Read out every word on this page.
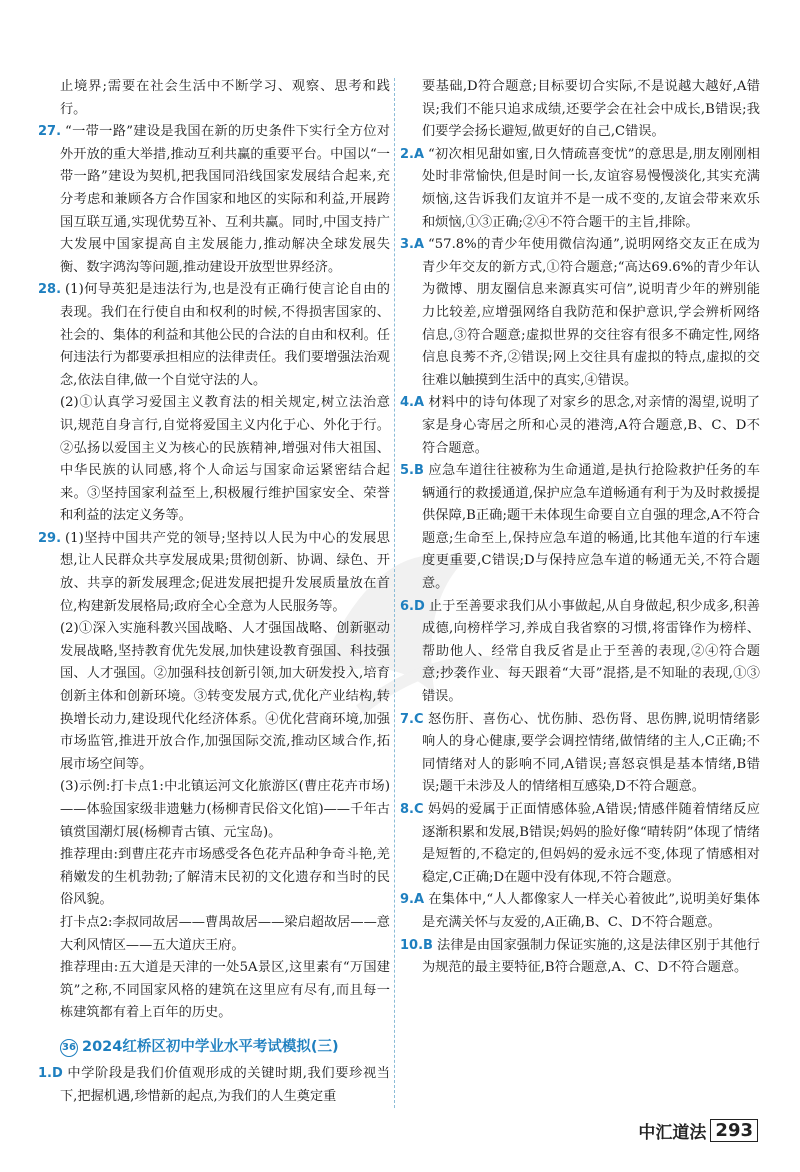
止境界;需要在社会生活中不断学习、观察、思考和践行。

27. “一带一路”建设是我国在新的历史条件下实行全方位对外开放的重大举措,推动互利共赢的重要平台。中国以“一带一路”建设为契机,把我国同沿线国家发展结合起来,充分考虑和兼顾各方合作国家和地区的实际和利益,开展跨国互联互通,实现优势互补、互利共赢。同时,中国支持广大发展中国家提高自主发展能力,推动解决全球发展失衡、数字鸿沟等问题,推动建设开放型世界经济。

28. (1)何导英犯是违法行为,也是没有正确行使言论自由的表现。我们在行使自由和权利的时候,不得损害国家的、社会的、集体的利益和其他公民的合法的自由和权利。任何违法行为都要承担相应的法律责任。我们要增强法治观念,依法自律,做一个自觉守法的人。

(2)①认真学习爱国主义教育法的相关规定,树立法治意识,规范自身言行,自觉将爱国主义内化于心、外化于行。②弘扬以爱国主义为核心的民族精神,增强对伟大祖国、中华民族的认同感,将个人命运与国家命运紧密结合起来。③坚持国家利益至上,积极履行维护国家安全、荣誉和利益的法定义务等。

29. (1)坚持中国共产党的领导;坚持以人民为中心的发展思想,让人民群众共享发展成果;贯彻创新、协调、绿色、开放、共享的新发展理念;促进发展把提升发展质量放在首位,构建新发展格局;政府全心全意为人民服务等。

(2)①深入实施科教兴国战略、人才强国战略、创新驱动发展战略,坚持教育优先发展,加快建设教育强国、科技强国、人才强国。②加强科技创新引领,加大研发投入,培育创新主体和创新环境。③转变发展方式,优化产业结构,转换增长动力,建设现代化经济体系。④优化营商环境,加强市场监管,推进开放合作,加强国际交流,推动区域合作,拓展市场空间等。

(3)示例:打卡点1:中北镇运河文化旅游区(曹庄花卉市场)——体验国家级非遗魅力(杨柳青民俗文化馆)——千年古镇赏国潮灯展(杨柳青古镇、元宝岛)。

推荐理由:到曹庄花卉市场感受各色花卉品种争奇斗艳,羌稍嫩发的生机勃勃;了解清末民初的文化遗存和当时的民俗风貌。

打卡点2:李叔同故居——曹禺故居——梁启超故居——意大利风情区——五大道庆王府。

推荐理由:五大道是天津的一处5A景区,这里素有“万国建筑”之称,不同国家风格的建筑在这里应有尽有,而且每一栋建筑都有着上百年的历史。

36 2024红桥区初中学业水平考试模拟(三)

1.D 中学阶段是我们价值观形成的关键时期,我们要珍视当下,把握机遇,珍惜新的起点,为我们的人生奠定重

要基础,D符合题意;目标要切合实际,不是说越大越好,A错误;我们不能只追求成绩,还要学会在社会中成长,B错误;我们要学会扬长避短,做更好的自己,C错误。

2.A “初次相见甜如蜜,日久情疏喜变忧”的意思是,朋友刚刚相处时非常愉快,但是时间一长,友谊容易慢慢淡化,其实充满烦恼,这告诉我们友谊并不是一成不变的,友谊会带来欢乐和烦恼,①③正确;②④不符合题干的主旨,排除。

3.A “57.8%的青少年使用微信沟通”,说明网络交友正在成为青少年交友的新方式,①符合题意;“高达69.6%的青少年认为微博、朋友圈信息来源真实可信”,说明青少年的辨别能力比较差,应增强网络自我防范和保护意识,学会辨析网络信息,③符合题意;虚拟世界的交往容有很多不确定性,网络信息良莠不齐,②错误;网上交往具有虚拟的特点,虚拟的交往难以触摸到生活中的真实,④错误。

4.A 材料中的诗句体现了对家乡的思念,对亲情的渴望,说明了家是身心寄居之所和心灵的港湾,A符合题意,B、C、D不符合题意。

5.B 应急车道往往被称为生命通道,是执行抢险救护任务的车辆通行的救援通道,保护应急车道畅通有利于为及时救援提供保障,B正确;题干未体现生命要自立自强的理念,A不符合题意;生命至上,保持应急车道的畅通,比其他车道的行车速度更重要,C错误;D与保持应急车道的畅通无关,不符合题意。

6.D 止于至善要求我们从小事做起,从自身做起,积少成多,积善成德,向榜样学习,养成自我省察的习惯,将雷锋作为榜样、帮助他人、经常自我反省是止于至善的表现,②④符合题意;抄袭作业、每天跟着“大哥”混搭,是不知耻的表现,①③错误。

7.C 怒伤肝、喜伤心、忧伤肺、恐伤肾、思伤脾,说明情绪影响人的身心健康,要学会调控情绪,做情绪的主人,C正确;不同情绪对人的影响不同,A错误;喜怒哀惧是基本情绪,B错误;题干未涉及人的情绪相互感染,D不符合题意。

8.C 妈妈的爱属于正面情感体验,A错误;情感伴随着情绪反应逐渐积累和发展,B错误;妈妈的脸好像“晴转阴”体现了情绪是短暂的,不稳定的,但妈妈的爱永远不变,体现了情感相对稳定,C正确;D在题中没有体现,不符合题意。

9.A 在集体中,“人人都像家人一样关心着彼此”,说明美好集体是充满关怀与友爱的,A正确,B、C、D不符合题意。

10.B 法律是由国家强制力保证实施的,这是法律区别于其他行为规范的最主要特征,B符合题意,A、C、D不符合题意。

中汇道法 293
